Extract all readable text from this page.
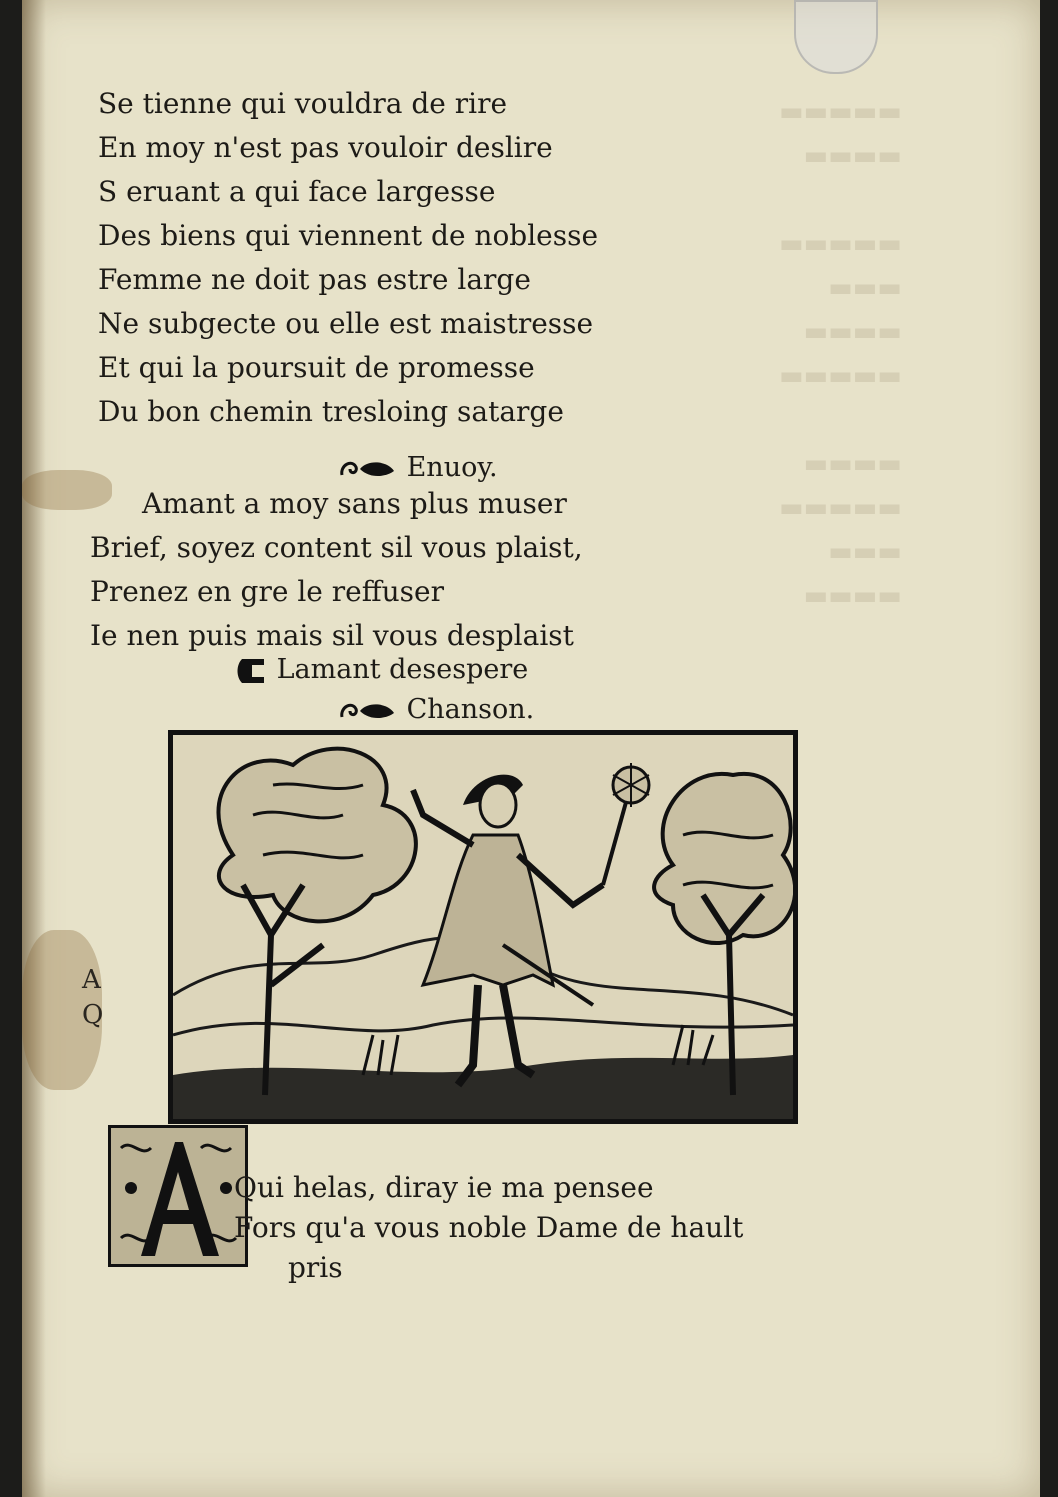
▬▬▬▬▬
▬▬▬▬

▬▬▬▬▬
▬▬▬
▬▬▬▬
▬▬▬▬▬

▬▬▬▬
▬▬▬▬▬
▬▬▬
▬▬▬▬
Se tienne qui vouldra de rire
En moy n'est pas vouloir deslire
S eruant a qui face largesse
Des biens qui viennent de noblesse
Femme ne doit pas estre large
Ne subgecte ou elle est maistresse
Et qui la poursuit de promesse
Du bon chemin tresloing satarge
Enuoy.
Amant a moy sans plus muser
Brief, soyez content sil vous plaist,
Prenez en gre le reffuser
Ie nen puis mais sil vous desplaist
Lamant desespere
Chanson.
A
Q
Qui helas, diray ie ma pensee
Fors qu'a vous noble Dame de hault
pris
